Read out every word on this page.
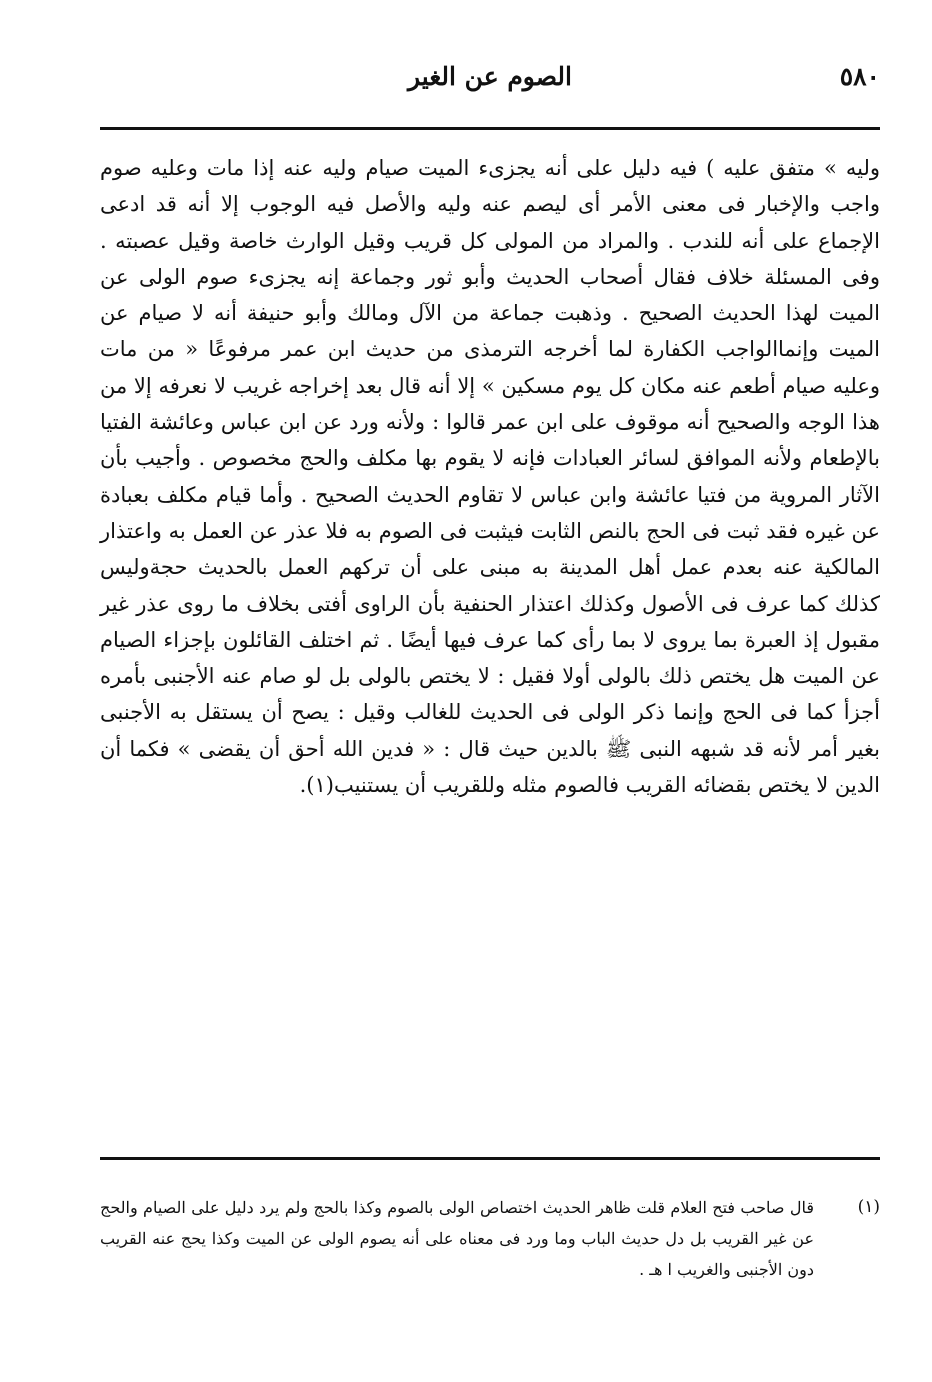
٥٨٠
الصوم عن الغير

وليه » متفق عليه ) فيه دليل على أنه يجزىء الميت صيام وليه عنه إذا مات وعليه صوم واجب والإخبار فى معنى الأمر أى ليصم عنه وليه والأصل فيه الوجوب إلا أنه قد ادعى الإجماع على أنه للندب . والمراد من المولى كل قريب وقيل الوارث خاصة وقيل عصبته . وفى المسئلة خلاف فقال أصحاب الحديث وأبو ثور وجماعة إنه يجزىء صوم الولى عن الميت لهذا الحديث الصحيح . وذهبت جماعة من الآل ومالك وأبو حنيفة أنه لا صيام عن الميت وإنماالواجب الكفارة لما أخرجه الترمذى من حديث ابن عمر مرفوعًا « من مات وعليه صيام أطعم عنه مكان كل يوم مسكين » إلا أنه قال بعد إخراجه غريب لا نعرفه إلا من هذا الوجه والصحيح أنه موقوف على ابن عمر قالوا : ولأنه ورد عن ابن عباس وعائشة الفتيا بالإطعام ولأنه الموافق لسائر العبادات فإنه لا يقوم بها مكلف والحج مخصوص . وأجيب بأن الآثار المروية من فتيا عائشة وابن عباس لا تقاوم الحديث الصحيح . وأما قيام مكلف بعبادة عن غيره فقد ثبت فى الحج بالنص الثابت فيثبت فى الصوم به فلا عذر عن العمل به واعتذار المالكية عنه بعدم عمل أهل المدينة به مبنى على أن تركهم العمل بالحديث حجةوليس كذلك كما عرف فى الأصول وكذلك اعتذار الحنفية بأن الراوى أفتى بخلاف ما روى عذر غير مقبول إذ العبرة بما يروى لا بما رأى كما عرف فيها أيضًا . ثم اختلف القائلون بإجزاء الصيام عن الميت هل يختص ذلك بالولى أولا فقيل : لا يختص بالولى بل لو صام عنه الأجنبى بأمره أجزأ كما فى الحج وإنما ذكر الولى فى الحديث للغالب وقيل : يصح أن يستقل به الأجنبى بغير أمر لأنه قد شبهه النبى ﷺ بالدين حيث قال : « فدين الله أحق أن يقضى » فكما أن الدين لا يختص بقضائه القريب فالصوم مثله وللقريب أن يستنيب(١).

(١)

قال صاحب فتح العلام قلت ظاهر الحديث اختصاص الولى بالصوم وكذا بالحج ولم يرد دليل على الصيام والحج عن غير القريب بل دل حديث الباب وما ورد فى معناه على أنه يصوم الولى عن الميت وكذا يحج عنه القريب دون الأجنبى والغريب ا هـ .
